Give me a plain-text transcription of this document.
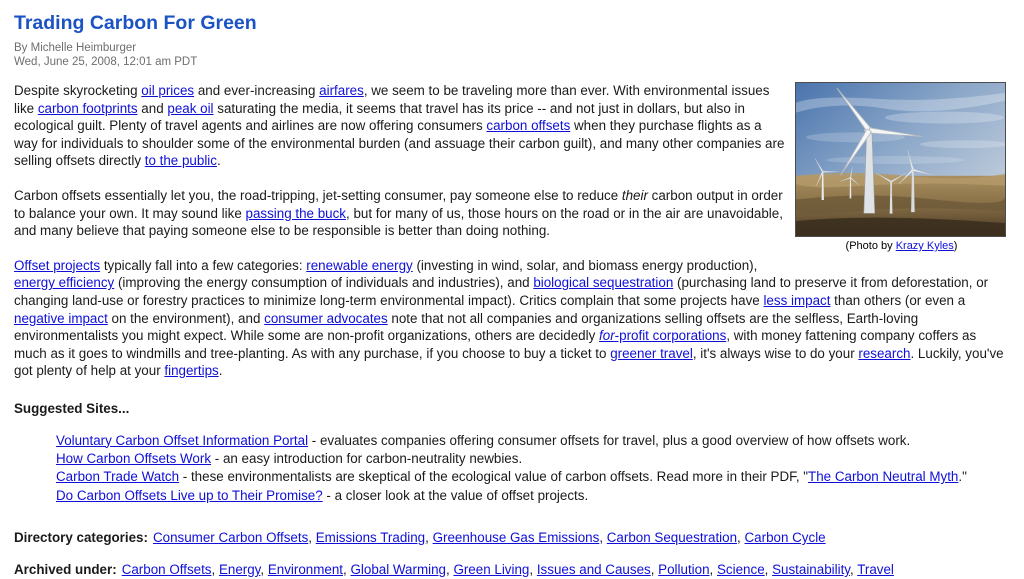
Trading Carbon For Green
By Michelle Heimburger
Wed, June 25, 2008, 12:01 am PDT
(Photo by Krazy Kyles)

Despite skyrocketing oil prices and ever-increasing airfares, we seem to be traveling more than ever. With environmental issues like carbon footprints and peak oil saturating the media, it seems that travel has its price -- and not just in dollars, but also in ecological guilt. Plenty of travel agents and airlines are now offering consumers carbon offsets when they purchase flights as a way for individuals to shoulder some of the environmental burden (and assuage their carbon guilt), and many other companies are selling offsets directly to the public.

Carbon offsets essentially let you, the road-tripping, jet-setting consumer, pay someone else to reduce their carbon output in order to balance your own. It may sound like passing the buck, but for many of us, those hours on the road or in the air are unavoidable, and many believe that paying someone else to be responsible is better than doing nothing.

Offset projects typically fall into a few categories: renewable energy (investing in wind, solar, and biomass energy production), energy efficiency (improving the energy consumption of individuals and industries), and biological sequestration (purchasing land to preserve it from deforestation, or changing land-use or forestry practices to minimize long-term environmental impact). Critics complain that some projects have less impact than others (or even a negative impact on the environment), and consumer advocates note that not all companies and organizations selling offsets are the selfless, Earth-loving environmentalists you might expect. While some are non-profit organizations, others are decidedly for-profit corporations, with money fattening company coffers as much as it goes to windmills and tree-planting. As with any purchase, if you choose to buy a ticket to greener travel, it's always wise to do your research. Luckily, you've got plenty of help at your fingertips.

Suggested Sites...
Voluntary Carbon Offset Information Portal - evaluates companies offering consumer offsets for travel, plus a good overview of how offsets work.
How Carbon Offsets Work - an easy introduction for carbon-neutrality newbies.
Carbon Trade Watch - these environmentalists are skeptical of the ecological value of carbon offsets. Read more in their PDF, "The Carbon Neutral Myth."
Do Carbon Offsets Live up to Their Promise? - a closer look at the value of offset projects.
Directory categories: Consumer Carbon Offsets, Emissions Trading, Greenhouse Gas Emissions, Carbon Sequestration, Carbon Cycle
Archived under: Carbon Offsets, Energy, Environment, Global Warming, Green Living, Issues and Causes, Pollution, Science, Sustainability, Travel
